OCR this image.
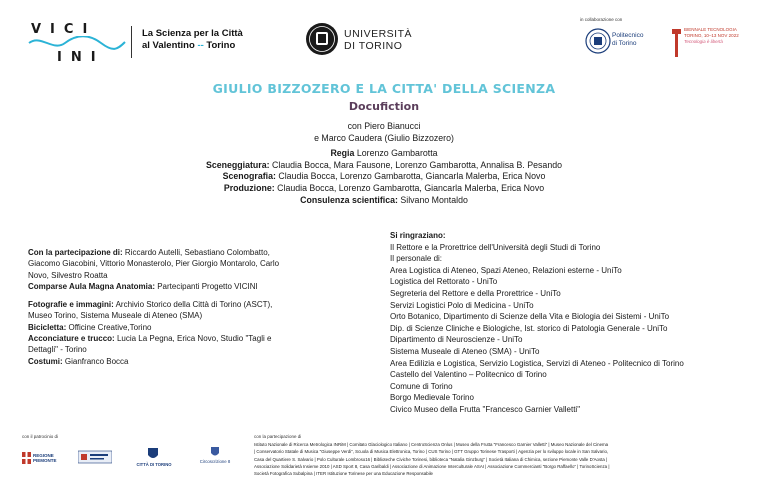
VICI
INI
La Scienza per la Città
al Valentino -- Torino
UNIVERSITÀ
DI TORINO
in collaborazione con
Politecnico
di Torino
BIENNALE TECNOLOGIA
TORINO, 10–13 NOV 2022
Tecnologia è libertà
GIULIO BIZZOZERO E LA CITTA' DELLA SCIENZA
Docufiction
con Piero Bianucci
e Marco Caudera (Giulio Bizzozero)
Regia Lorenzo Gambarotta
Sceneggiatura: Claudia Bocca, Mara Fausone, Lorenzo Gambarotta, Annalisa B. Pesando
Scenografia: Claudia Bocca, Lorenzo Gambarotta, Giancarla Malerba, Erica Novo
Produzione: Claudia Bocca, Lorenzo Gambarotta, Giancarla Malerba, Erica Novo
Consulenza scientifica: Silvano Montaldo
Con la partecipazione di: Riccardo Autelli, Sebastiano Colombatto,
Giacomo Giacobini, Vittorio Monasterolo, Pier Giorgio Montarolo, Carlo
Novo, Silvestro Roatta
Comparse Aula Magna Anatomia: Partecipanti Progetto VICINI
Fotografie e immagini: Archivio Storico della Città di Torino (ASCT),
Museo Torino, Sistema Museale di Ateneo (SMA)
Bicicletta: Officine Creative,Torino
Acconciature e trucco: Lucia La Pegna, Erica Novo, Studio "Tagli e
Dettagli" - Torino
Costumi: Gianfranco Bocca
Si ringraziano:
Il Rettore e la Prorettrice dell'Università degli Studi di Torino
Il personale di:
Area Logistica di Ateneo, Spazi Ateneo, Relazioni esterne - UniTo
Logistica del Rettorato - UniTo
Segreteria del Rettore e della Prorettrice - UniTo
Servizi Logistici Polo di Medicina - UniTo
Orto Botanico, Dipartimento di Scienze della Vita e Biologia dei Sistemi - UniTo
Dip. di Scienze Cliniche e Biologiche, Ist. storico di Patologia Generale - UniTo
Dipartimento di Neuroscienze - UniTo
Sistema Museale di Ateneo (SMA) - UniTo
Area Edilizia e Logistica, Servizio Logistica, Servizi di Ateneo - Politecnico di Torino
Castello del Valentino – Politecnico di Torino
Comune di Torino
Borgo Medievale Torino
Civico Museo della Frutta "Francesco Garnier Valletti"
con il patrocinio di
REGIONE PIEMONTE
CITTÀ DI TORINO
Circoscrizione 8
con la partecipazione di
Istituto Nazionale di Ricerca Metrologica INRiM | Comitato Glaciologico Italiano | CentroScienza Onlus | Museo della Frutta "Francesco Garnier Valletti" | Museo Nazionale del Cinema
| Conservatorio Statale di Musica "Giuseppe Verdi", Scuola di Musica Elettronica, Torino | CUS Torino | GTT Gruppo Torinese Trasporti | Agenzia per lo sviluppo locale in San Salvario,
Casa del Quartiere S. Salvario | Polo Culturale Lombroso16 | Biblioteche Civiche Torinesi, biblioteca "Natalia Ginzburg" | Società Italiana di Chimica, sezione Piemonte Valle D'Aosta |
Associazione Solidarietà Insieme 2010 | ASD Sport 8, Casa Garibaldi | Associazione di Animazione Interculturale ASAI | Associazione Commercianti "Borgo Raffaello" | TorinoScienza |
Società Fotografica Subalpina | ITER Istituzione Torinese per una Educazione Responsabile
